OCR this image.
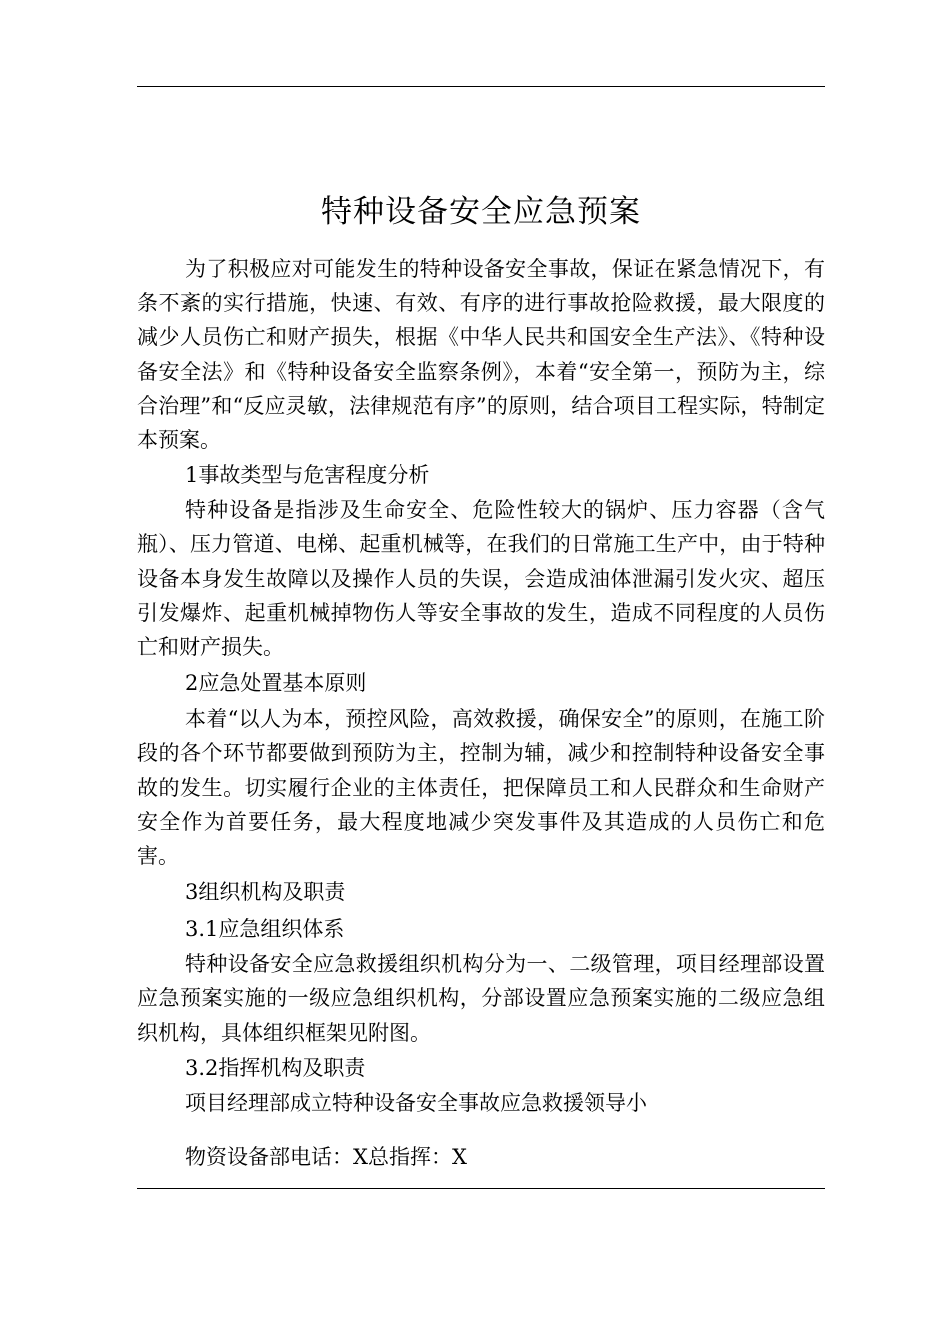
特种设备安全应急预案

为了积极应对可能发生的特种设备安全事故，保证在紧急情况下，有条不紊的实行措施，快速、有效、有序的进行事故抢险救援，最大限度的减少人员伤亡和财产损失，根据《中华人民共和国安全生产法》、《特种设备安全法》和《特种设备安全监察条例》，本着“安全第一，预防为主，综合治理”和“反应灵敏，法律规范有序”的原则，结合项目工程实际，特制定本预案。

1事故类型与危害程度分析

特种设备是指涉及生命安全、危险性较大的锅炉、压力容器（含气瓶）、压力管道、电梯、起重机械等，在我们的日常施工生产中，由于特种设备本身发生故障以及操作人员的失误，会造成油体泄漏引发火灾、超压引发爆炸、起重机械掉物伤人等安全事故的发生，造成不同程度的人员伤亡和财产损失。

2应急处置基本原则

本着“以人为本，预控风险，高效救援，确保安全”的原则，在施工阶段的各个环节都要做到预防为主，控制为辅，减少和控制特种设备安全事故的发生。切实履行企业的主体责任，把保障员工和人民群众和生命财产安全作为首要任务，最大程度地减少突发事件及其造成的人员伤亡和危害。

3组织机构及职责

3.1应急组织体系

特种设备安全应急救援组织机构分为一、二级管理，项目经理部设置应急预案实施的一级应急组织机构，分部设置应急预案实施的二级应急组织机构，具体组织框架见附图。

3.2指挥机构及职责

项目经理部成立特种设备安全事故应急救援领导小

物资设备部电话：X总指挥：X
